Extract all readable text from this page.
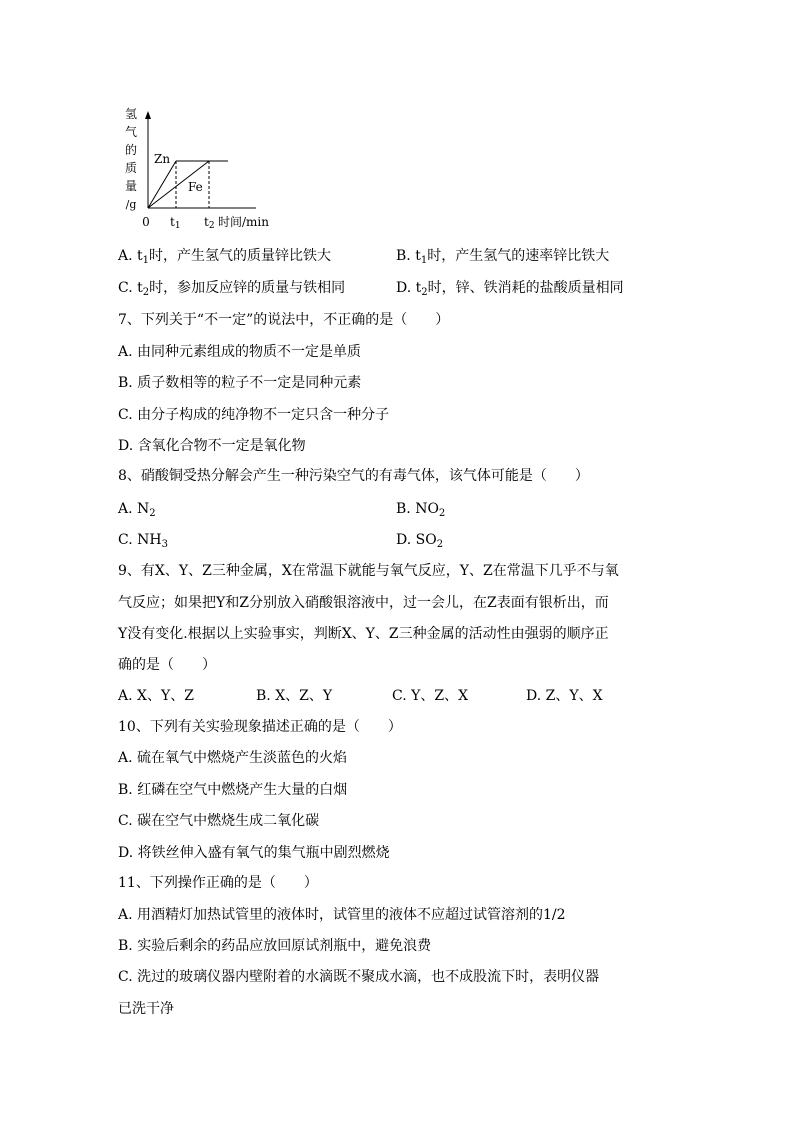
氢
气
的
质
量
/g
Zn
Fe
0 t1 t2 时间/min
A. $t_1$时，产生氢气的质量锌比铁大	B. $t_1$时，产生氢气的速率锌比铁大
C. $t_2$时，参加反应锌的质量与铁相同	D. $t_2$时，锌、铁消耗的盐酸质量相同
7、下列关于“不一定”的说法中，不正确的是（　　）
A. 由同种元素组成的物质不一定是单质
B. 质子数相等的粒子不一定是同种元素
C. 由分子构成的纯净物不一定只含一种分子
D. 含氧化合物不一定是氧化物
8、硝酸铜受热分解会产生一种污染空气的有毒气体，该气体可能是（　　）
A. $N_2$	B. $NO_2$
C. $NH_3$	D. $SO_2$
9、有X、Y、Z三种金属，X在常温下就能与氧气反应，Y、Z在常温下几乎不与氧
气反应；如果把Y和Z分别放入硝酸银溶液中，过一会儿，在Z表面有银析出，而
Y没有变化.根据以上实验事实，判断X、Y、Z三种金属的活动性由强弱的顺序正
确的是（　　）
A. X、Y、Z	B. X、Z、Y	C. Y、Z、X	D. Z、Y、X
10、下列有关实验现象描述正确的是（　　）
A. 硫在氧气中燃烧产生淡蓝色的火焰
B. 红磷在空气中燃烧产生大量的白烟
C. 碳在空气中燃烧生成二氧化碳
D. 将铁丝伸入盛有氧气的集气瓶中剧烈燃烧
11、下列操作正确的是（　　）
A. 用酒精灯加热试管里的液体时，试管里的液体不应超过试管溶剂的1/2
B. 实验后剩余的药品应放回原试剂瓶中，避免浪费
C. 洗过的玻璃仪器内壁附着的水滴既不聚成水滴，也不成股流下时，表明仪器
已洗干净
